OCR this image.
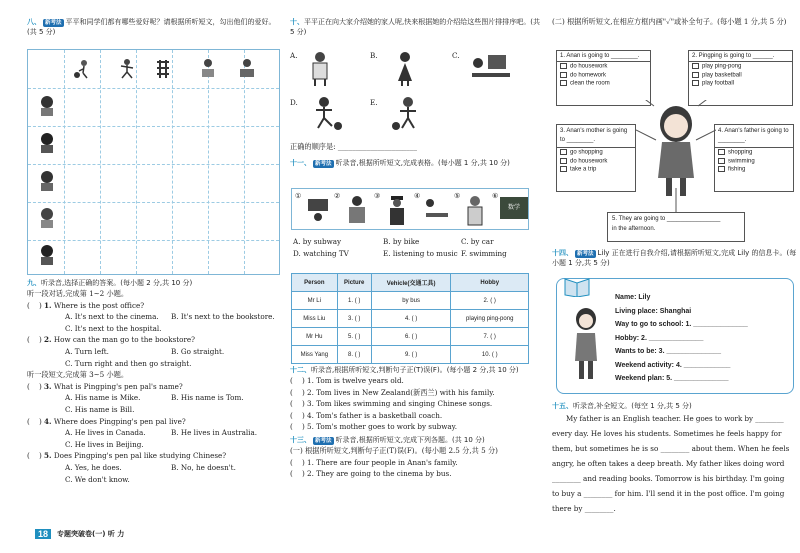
八、 新考法 平平和同学们都有哪些爱好呢？请根据所听短文，勾出他们的爱好。(共 5 分)
九、听录音,选择正确的答案。(每小题 2 分,共 10 分)
听一段对话,完成第 1~2 小题。
(    ) 1. Where is the post office?
A. It's next to the cinema. B. It's next to the bookstore.
C. It's next to the hospital.
(    ) 2. How can the man go to the bookstore?
A. Turn left.	B. Go straight.
C. Turn right and then go straight.
听一段短文,完成第 3~5 小题。
(    ) 3. What is Pingping's pen pal's name?
A. His name is Mike.	B. His name is Tom.
C. His name is Bill.
(    ) 4. Where does Pingping's pen pal live?
A. He lives in Canada.	B. He lives in Australia.
C. He lives in Beijing.
(    ) 5. Does Pingping's pen pal like studying Chinese?
A. Yes, he does.	B. No, he doesn't.
C. We don't know.
18	专题突破卷(一) 听 力
十、平平正在向大家介绍她的家人呢,快来根据她的介绍给这些图片排排序吧。(共 5 分)
A.	B.	C.
D.	E.
正确的顺序是: ______________________
十一、 新考法 听录音,根据所听短文,完成表格。(每小题 1 分,共 10 分)
①	②	③	④	⑤	⑥
数学
A. by subway	B. by bike	C. by car
D. watching TV	E. listening to music F. swimming
Person	Picture	Vehicle(交通工具)	Hobby
Mr Li	1. ( )	by bus	2. ( )
Miss Liu	3. ( )	4. ( )	playing ping-pong
Mr Hu	5. ( )	6. ( )	7. ( )
Miss Yang	8. ( )	9. ( )	10. ( )
十二、听录音,根据所听短文,判断句子正(T)误(F)。(每小题 2 分,共 10 分)
(    ) 1. Tom is twelve years old.
(    ) 2. Tom lives in New Zealand(新西兰) with his family.
(    ) 3. Tom likes swimming and singing Chinese songs.
(    ) 4. Tom's father is a basketball coach.
(    ) 5. Tom's mother goes to work by subway.
十三、 新考法 听录音,根据所听短文,完成下列各题。(共 10 分)
(一) 根据所听短文,判断句子正(T)误(F)。(每小题 2.5 分,共 5 分)
(    ) 1. There are four people in Anan's family.
(    ) 2. They are going to the cinema by bus.
(二) 根据所听短文,在相应方框内画"✓"或补全句子。(每小题 1 分,共 5 分)
1. Anan is going to ________.
do housework
do homework
clean the room
2. Pingping is going to ______.
play ping-pong
play basketball
play football
3. Anan's mother is going to ________.
go shopping
do housework
take a trip
4. Anan's father is going to ________.
shopping
swimming
fishing
5. They are going to ________________
in the afternoon.
十四、 新考法 Lily 正在进行自我介绍,请根据所听短文,完成 Lily 的信息卡。(每小题 1 分,共 5 分)
Name: Lily
Living place: Shanghai
Way to go to school: 1. ______________
Hobby: 2. ______________
Wants to be: 3. ______________
Weekend activity: 4. ____________
Weekend plan: 5. ______________
十五、听录音,补全短文。(每空 1 分,共 5 分)
My father is an English teacher. He goes to work by ________
every day. He loves his students. Sometimes he feels happy for
them, but sometimes he is so ________ about them. When he feels
angry, he often takes a deep breath. My father likes doing word
________ and reading books. Tomorrow is his birthday. I'm going
to buy a ________ for him. I'll send it in the post office. I'm going
there by ________.
